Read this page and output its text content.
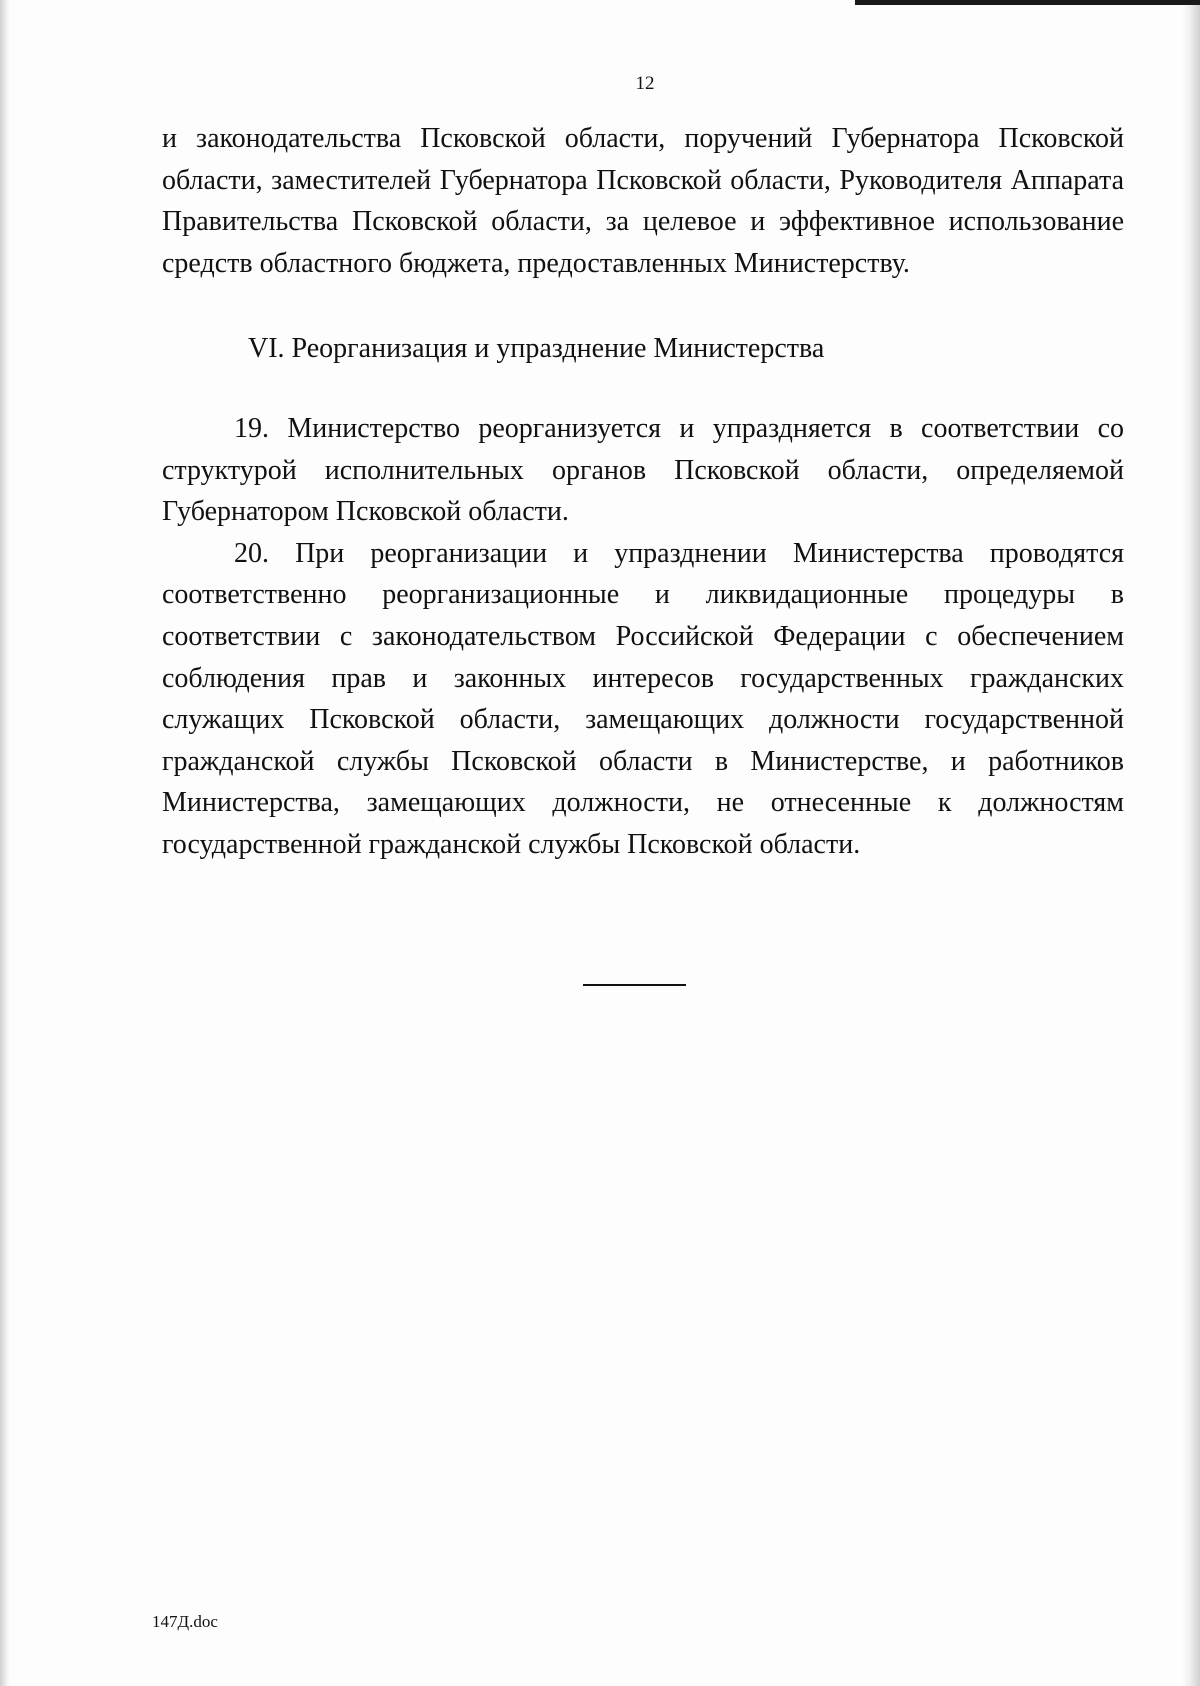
12

и законодательства Псковской области, поручений Губернатора Псковской области, заместителей Губернатора Псковской области, Руководителя Аппарата Правительства Псковской области, за целевое и эффективное использование средств областного бюджета, предоставленных Министерству.

VI. Реорганизация и упразднение Министерства

19. Министерство реорганизуется и упраздняется в соответствии со структурой исполнительных органов Псковской области, определяемой Губернатором Псковской области.

20. При реорганизации и упразднении Министерства проводятся соответственно реорганизационные и ликвидационные процедуры в соответствии с законодательством Российской Федерации с обеспечением соблюдения прав и законных интересов государственных гражданских служащих Псковской области, замещающих должности государственной гражданской службы Псковской области в Министерстве, и работников Министерства, замещающих должности, не отнесенные к должностям государственной гражданской службы Псковской области.

147Д.doc
